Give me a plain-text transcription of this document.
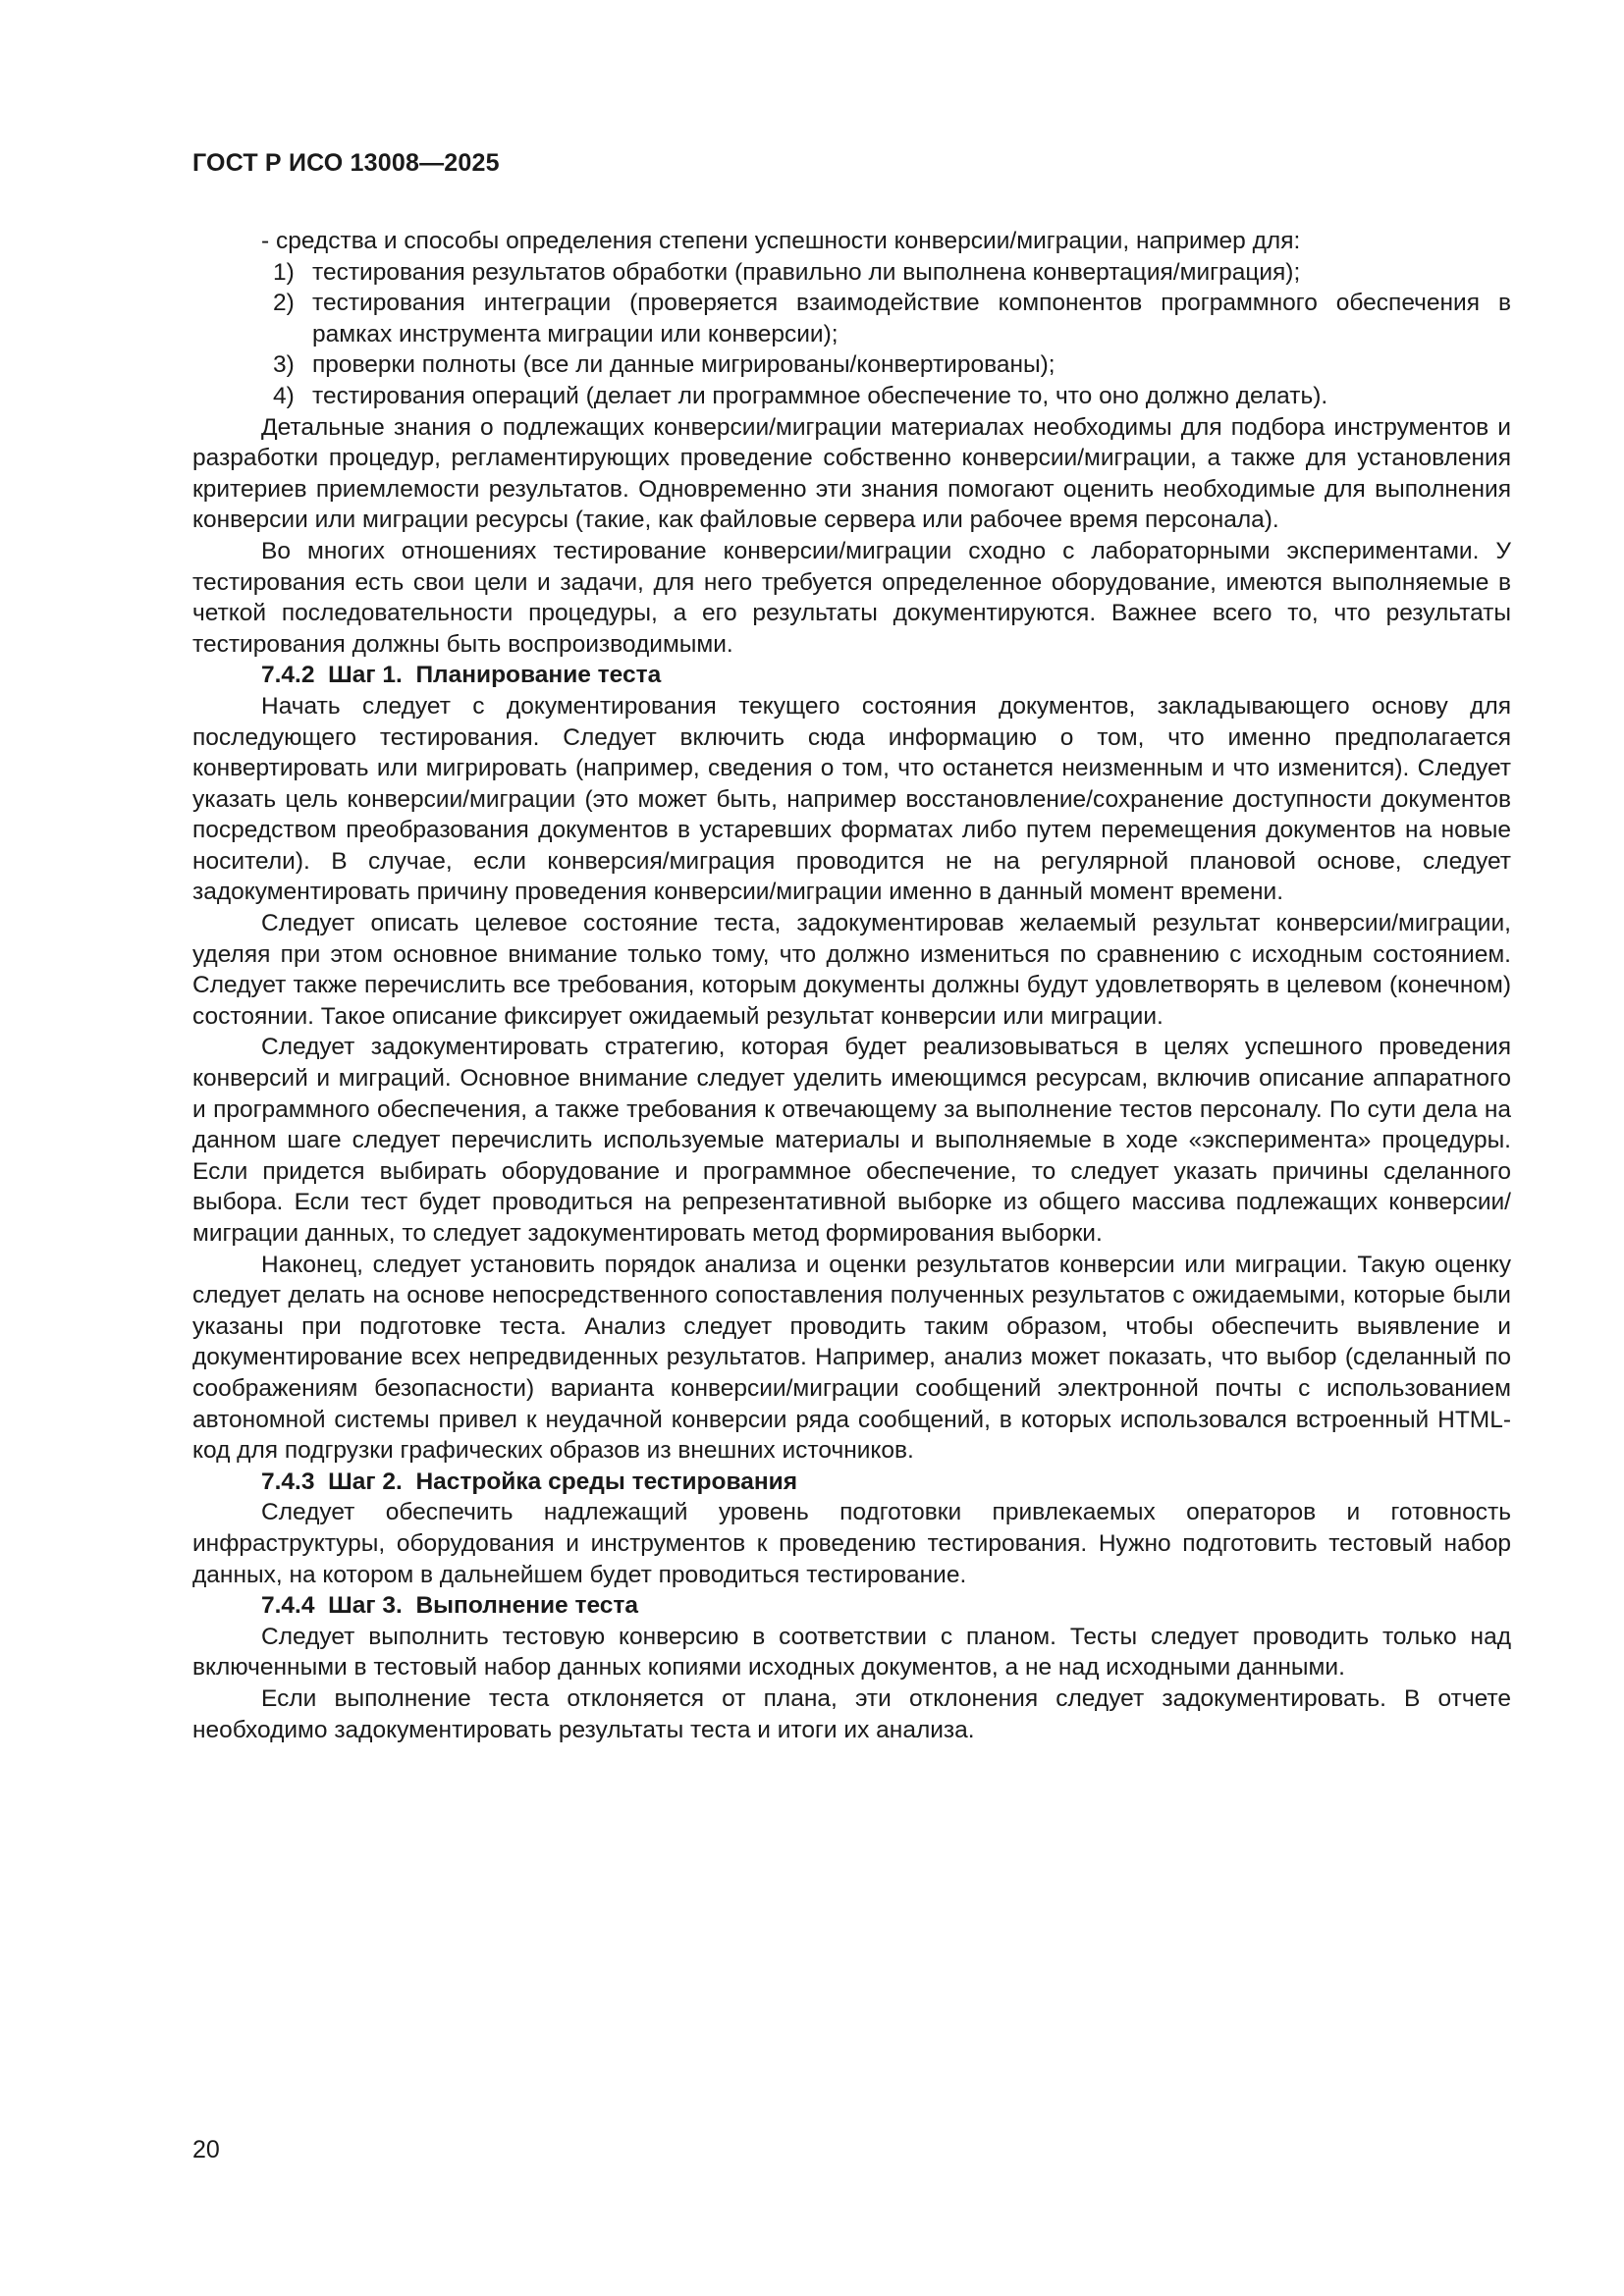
ГОСТ Р ИСО 13008—2025

- средства и способы определения степени успешности конверсии/миграции, например для:

1) тестирования результатов обработки (правильно ли выполнена конвертация/миграция);
2) тестирования интеграции (проверяется взаимодействие компонентов программного обеспечения в рамках инструмента миграции или конверсии);
3) проверки полноты (все ли данные мигрированы/конвертированы);
4) тестирования операций (делает ли программное обеспечение то, что оно должно делать).

Детальные знания о подлежащих конверсии/миграции материалах необходимы для подбора инструментов и разработки процедур, регламентирующих проведение собственно конверсии/миграции, а также для установления критериев приемлемости результатов. Одновременно эти знания помогают оценить необходимые для выполнения конверсии или миграции ресурсы (такие, как файловые сервера или рабочее время персонала).

Во многих отношениях тестирование конверсии/миграции сходно с лабораторными экспериментами. У тестирования есть свои цели и задачи, для него требуется определенное оборудование, имеются выполняемые в четкой последовательности процедуры, а его результаты документируются. Важнее всего то, что результаты тестирования должны быть воспроизводимыми.

7.4.2 Шаг 1.  Планирование теста

Начать следует с документирования текущего состояния документов, закладывающего основу для последующего тестирования. Следует включить сюда информацию о том, что именно предполагается конвертировать или мигрировать (например, сведения о том, что останется неизменным и что изменится). Следует указать цель конверсии/миграции (это может быть, например восстановление/сохранение доступности документов посредством преобразования документов в устаревших форматах либо путем перемещения документов на новые носители). В случае, если конверсия/миграция проводится не на регулярной плановой основе, следует задокументировать причину проведения конверсии/миграции именно в данный момент времени.

Следует описать целевое состояние теста, задокументировав желаемый результат конверсии/миграции, уделяя при этом основное внимание только тому, что должно измениться по сравнению с исходным состоянием. Следует также перечислить все требования, которым документы должны будут удовлетворять в целевом (конечном) состоянии. Такое описание фиксирует ожидаемый результат конверсии или миграции.

Следует задокументировать стратегию, которая будет реализовываться в целях успешного проведения конверсий и миграций. Основное внимание следует уделить имеющимся ресурсам, включив описание аппаратного и программного обеспечения, а также требования к отвечающему за выполнение тестов персоналу. По сути дела на данном шаге следует перечислить используемые материалы и выполняемые в ходе «эксперимента» процедуры. Если придется выбирать оборудование и программное обеспечение, то следует указать причины сделанного выбора. Если тест будет проводиться на репрезентативной выборке из общего массива подлежащих конверсии/миграции данных, то следует задокументировать метод формирования выборки.

Наконец, следует установить порядок анализа и оценки результатов конверсии или миграции. Такую оценку следует делать на основе непосредственного сопоставления полученных результатов с ожидаемыми, которые были указаны при подготовке теста. Анализ следует проводить таким образом, чтобы обеспечить выявление и документирование всех непредвиденных результатов. Например, анализ может показать, что выбор (сделанный по соображениям безопасности) варианта конверсии/миграции сообщений электронной почты с использованием автономной системы привел к неудачной конверсии ряда сообщений, в которых использовался встроенный HTML-код для подгрузки графических образов из внешних источников.

7.4.3 Шаг 2.  Настройка среды тестирования

Следует обеспечить надлежащий уровень подготовки привлекаемых операторов и готовность инфраструктуры, оборудования и инструментов к проведению тестирования. Нужно подготовить тестовый набор данных, на котором в дальнейшем будет проводиться тестирование.

7.4.4 Шаг 3.  Выполнение теста

Следует выполнить тестовую конверсию в соответствии с планом. Тесты следует проводить только над включенными в тестовый набор данных копиями исходных документов, а не над исходными данными.

Если выполнение теста отклоняется от плана, эти отклонения следует задокументировать. В отчете необходимо задокументировать результаты теста и итоги их анализа.

20
